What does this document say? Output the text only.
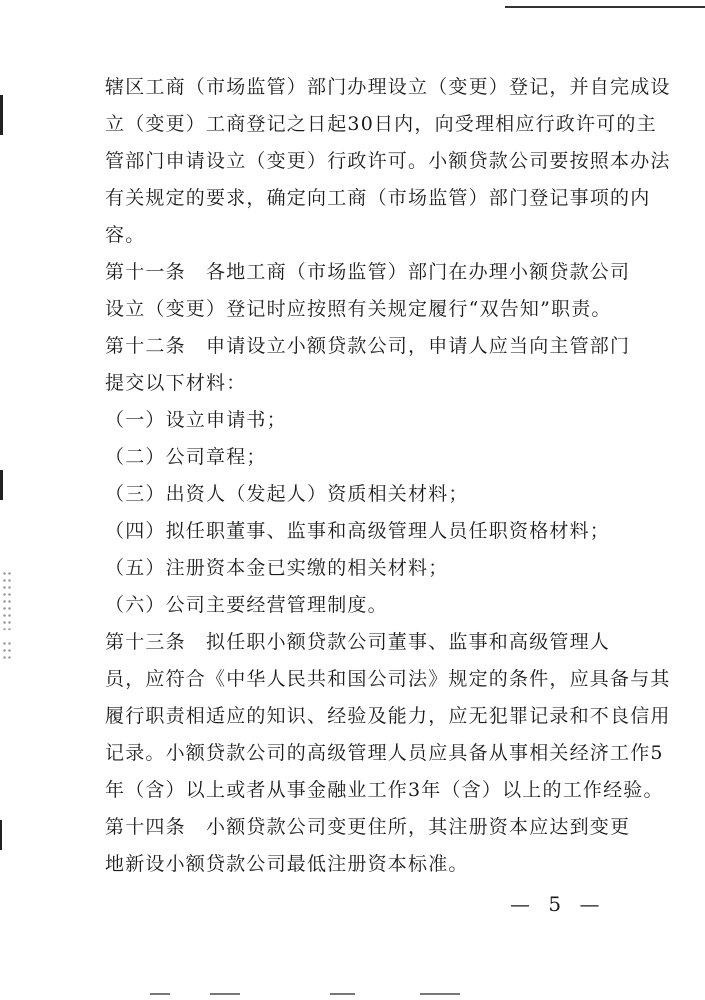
辖区工商（市场监管）部门办理设立（变更）登记，并自完成设
立（变更）工商登记之日起30日内，向受理相应行政许可的主
管部门申请设立（变更）行政许可。小额贷款公司要按照本办法
有关规定的要求，确定向工商（市场监管）部门登记事项的内
容。
第十一条　各地工商（市场监管）部门在办理小额贷款公司
设立（变更）登记时应按照有关规定履行“双告知”职责。
第十二条　申请设立小额贷款公司，申请人应当向主管部门
提交以下材料：
（一）设立申请书；
（二）公司章程；
（三）出资人（发起人）资质相关材料；
（四）拟任职董事、监事和高级管理人员任职资格材料；
（五）注册资本金已实缴的相关材料；
（六）公司主要经营管理制度。
第十三条　拟任职小额贷款公司董事、监事和高级管理人
员，应符合《中华人民共和国公司法》规定的条件，应具备与其
履行职责相适应的知识、经验及能力，应无犯罪记录和不良信用
记录。小额贷款公司的高级管理人员应具备从事相关经济工作5
年（含）以上或者从事金融业工作3年（含）以上的工作经验。
第十四条　小额贷款公司变更住所，其注册资本应达到变更
地新设小额贷款公司最低注册资本标准。
— 5 —
